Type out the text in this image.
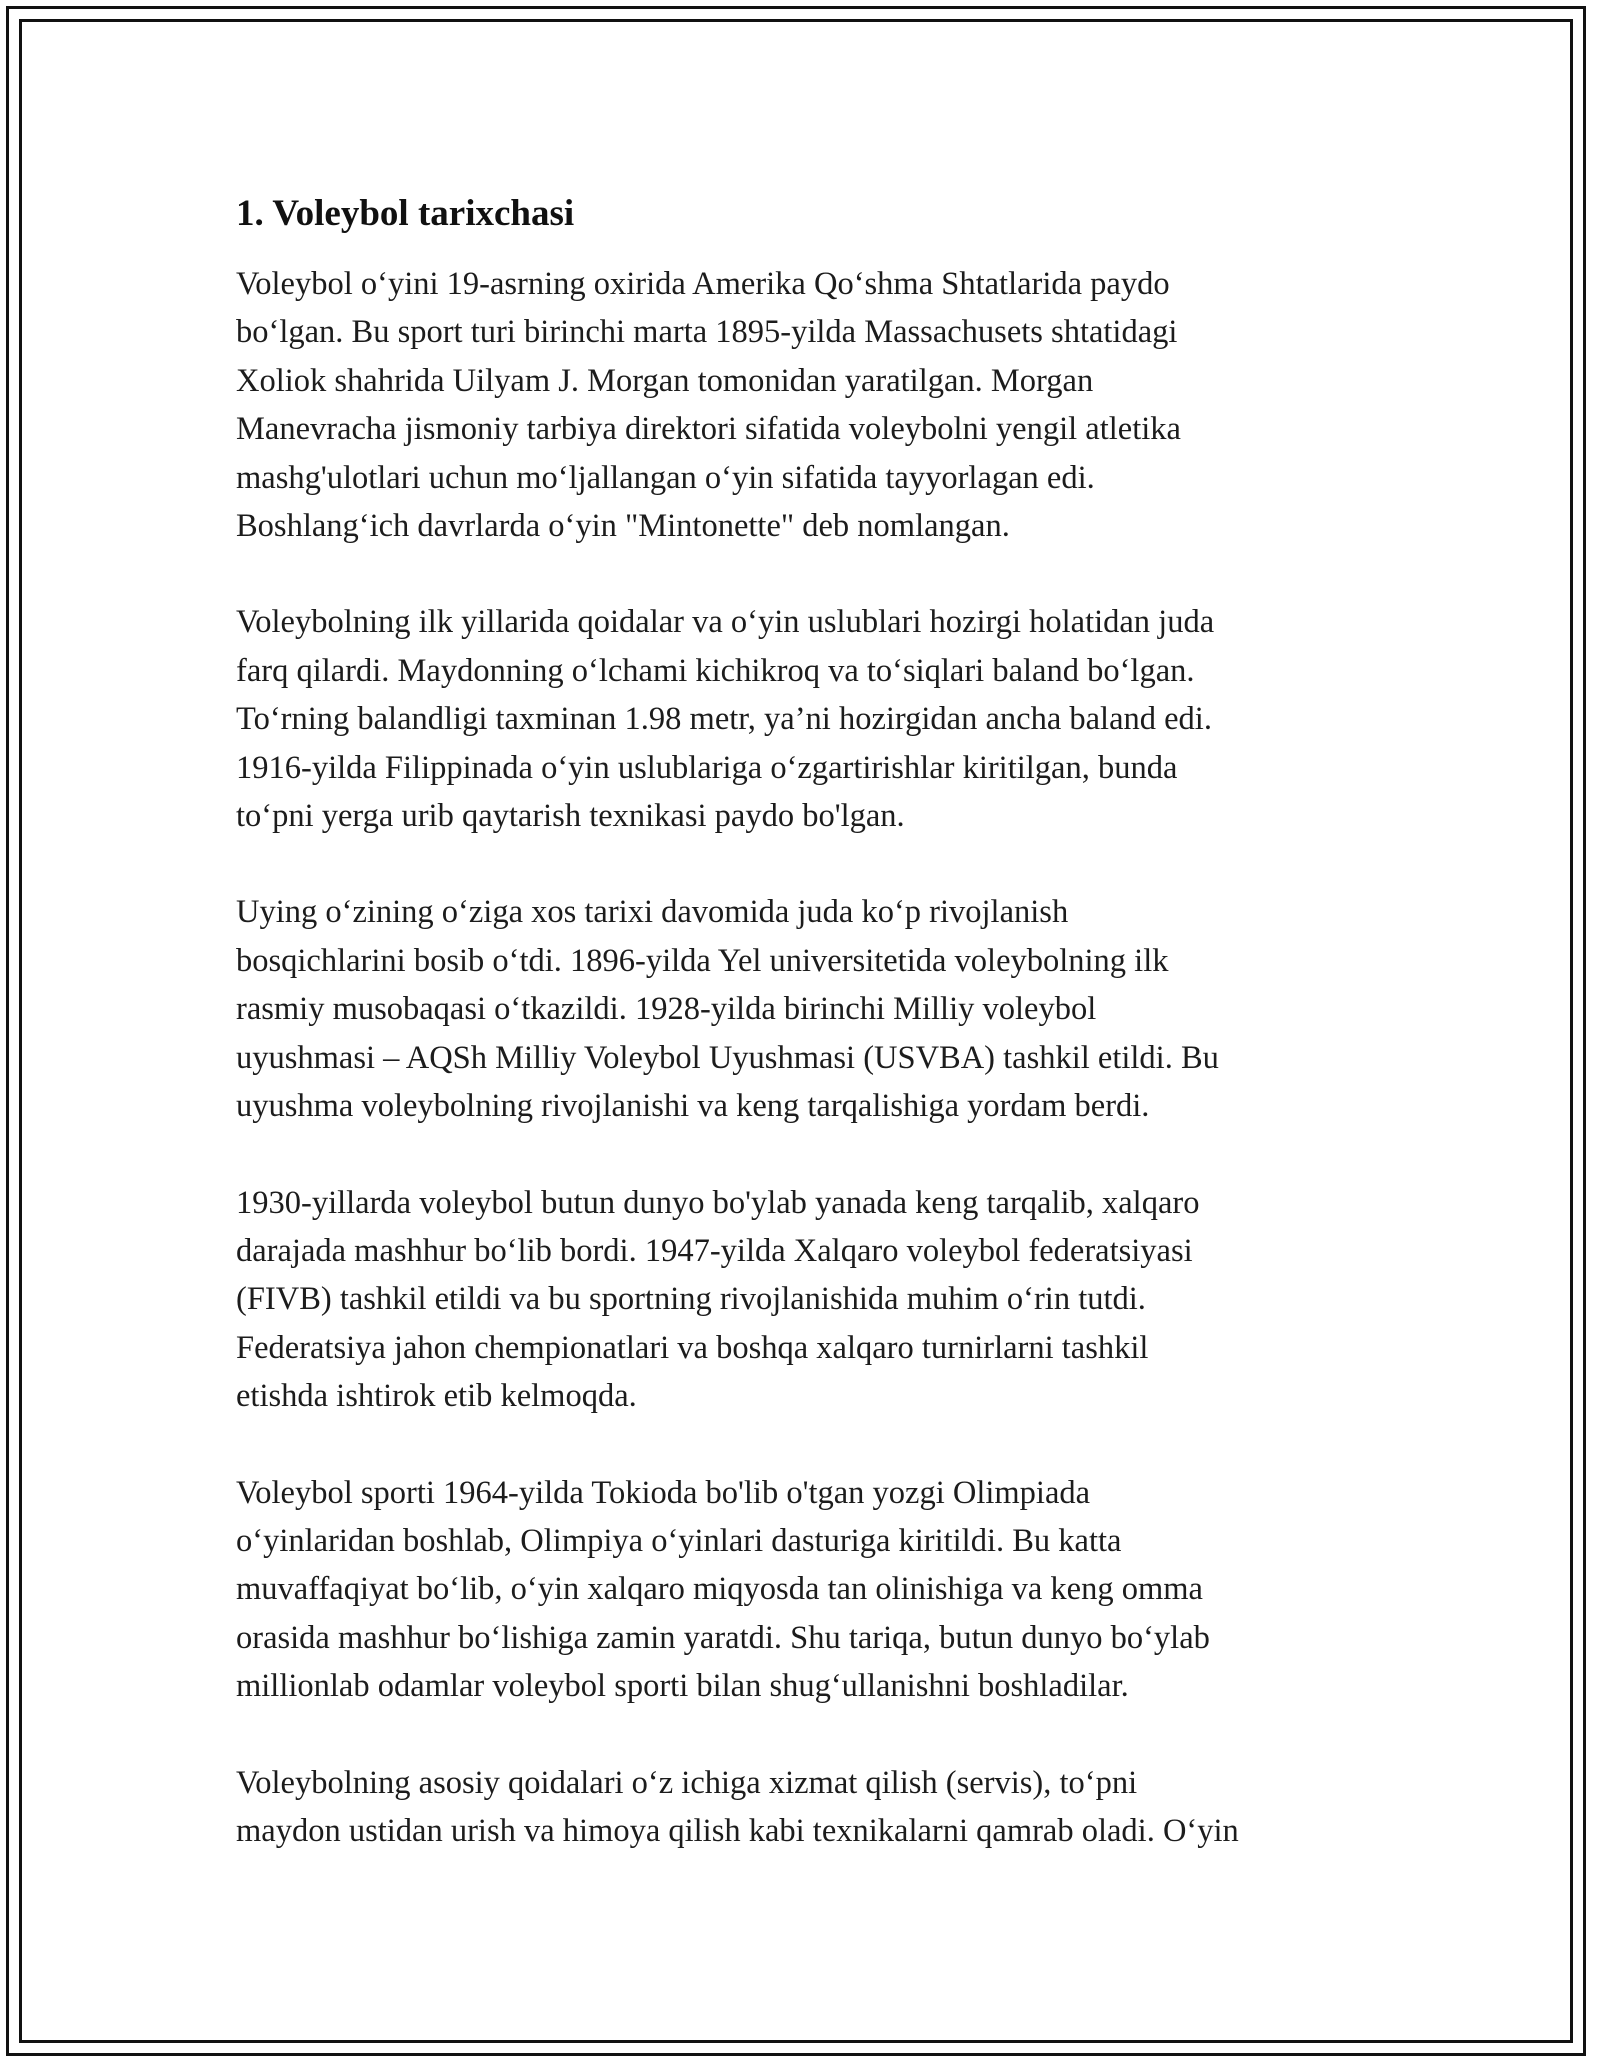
1. Voleybol tarixchasi

Voleybol o‘yini 19-asrning oxirida Amerika Qo‘shma Shtatlarida paydo
bo‘lgan. Bu sport turi birinchi marta 1895-yilda Massachusets shtatidagi
Xoliok shahrida Uilyam J. Morgan tomonidan yaratilgan. Morgan
Manevracha jismoniy tarbiya direktori sifatida voleybolni yengil atletika
mashg'ulotlari uchun mo‘ljallangan o‘yin sifatida tayyorlagan edi.
Boshlang‘ich davrlarda o‘yin "Mintonette" deb nomlangan.

Voleybolning ilk yillarida qoidalar va o‘yin uslublari hozirgi holatidan juda
farq qilardi. Maydonning o‘lchami kichikroq va to‘siqlari baland bo‘lgan.
To‘rning balandligi taxminan 1.98 metr, ya’ni hozirgidan ancha baland edi.
1916-yilda Filippinada o‘yin uslublariga o‘zgartirishlar kiritilgan, bunda
to‘pni yerga urib qaytarish texnikasi paydo bo'lgan.

Uying o‘zining o‘ziga xos tarixi davomida juda ko‘p rivojlanish
bosqichlarini bosib o‘tdi. 1896-yilda Yel universitetida voleybolning ilk
rasmiy musobaqasi o‘tkazildi. 1928-yilda birinchi Milliy voleybol
uyushmasi – AQSh Milliy Voleybol Uyushmasi (USVBA) tashkil etildi. Bu
uyushma voleybolning rivojlanishi va keng tarqalishiga yordam berdi.

1930-yillarda voleybol butun dunyo bo'ylab yanada keng tarqalib, xalqaro
darajada mashhur bo‘lib bordi. 1947-yilda Xalqaro voleybol federatsiyasi
(FIVB) tashkil etildi va bu sportning rivojlanishida muhim o‘rin tutdi.
Federatsiya jahon chempionatlari va boshqa xalqaro turnirlarni tashkil
etishda ishtirok etib kelmoqda.

Voleybol sporti 1964-yilda Tokioda bo'lib o'tgan yozgi Olimpiada
o‘yinlaridan boshlab, Olimpiya o‘yinlari dasturiga kiritildi. Bu katta
muvaffaqiyat bo‘lib, o‘yin xalqaro miqyosda tan olinishiga va keng omma
orasida mashhur bo‘lishiga zamin yaratdi. Shu tariqa, butun dunyo bo‘ylab
millionlab odamlar voleybol sporti bilan shug‘ullanishni boshladilar.

Voleybolning asosiy qoidalari o‘z ichiga xizmat qilish (servis), to‘pni
maydon ustidan urish va himoya qilish kabi texnikalarni qamrab oladi. O‘yin
